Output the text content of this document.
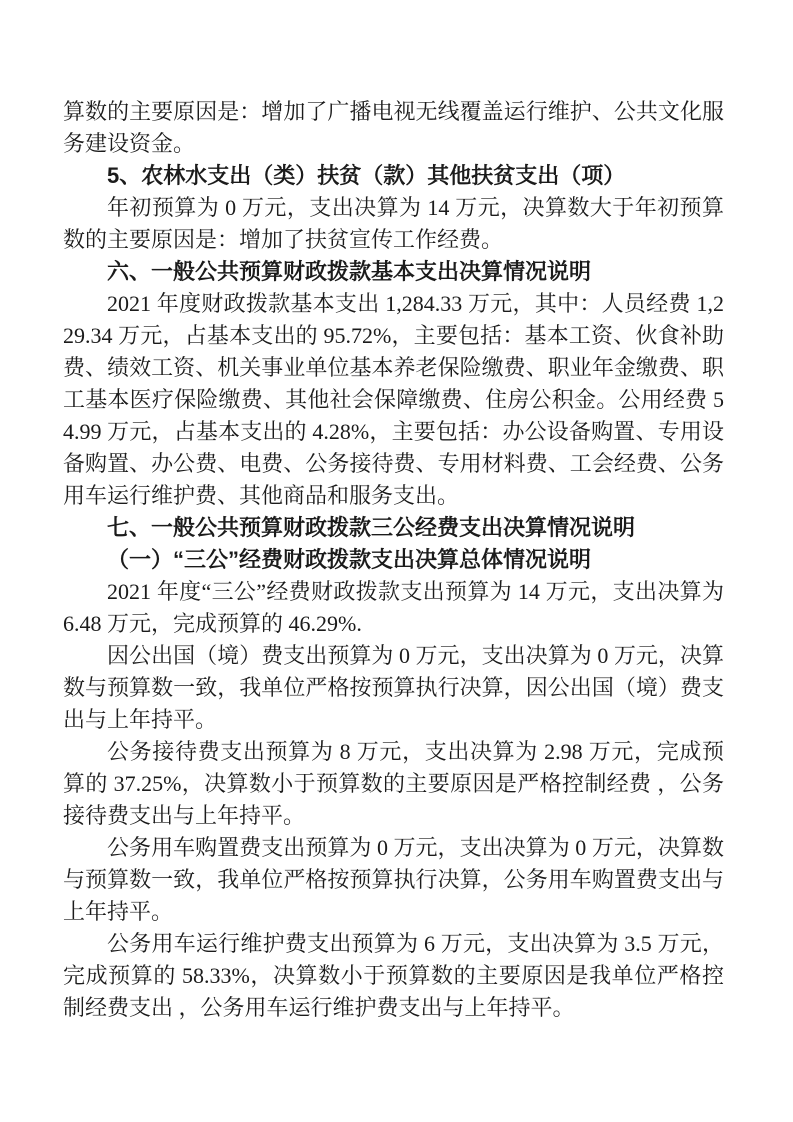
算数的主要原因是：增加了广播电视无线覆盖运行维护、公共文化服务建设资金。

5、农林水支出（类）扶贫（款）其他扶贫支出（项）

年初预算为 0 万元，支出决算为 14 万元，决算数大于年初预算数的主要原因是：增加了扶贫宣传工作经费。

六、一般公共预算财政拨款基本支出决算情况说明

2021 年度财政拨款基本支出 1,284.33 万元，其中：人员经费 1,229.34 万元，占基本支出的 95.72%，主要包括：基本工资、伙食补助费、绩效工资、机关事业单位基本养老保险缴费、职业年金缴费、职工基本医疗保险缴费、其他社会保障缴费、住房公积金。公用经费 54.99 万元，占基本支出的 4.28%，主要包括：办公设备购置、专用设备购置、办公费、电费、公务接待费、专用材料费、工会经费、公务用车运行维护费、其他商品和服务支出。

七、一般公共预算财政拨款三公经费支出决算情况说明

（一）“三公”经费财政拨款支出决算总体情况说明

2021 年度“三公”经费财政拨款支出预算为 14 万元，支出决算为 6.48 万元，完成预算的 46.29%.

因公出国（境）费支出预算为 0 万元，支出决算为 0 万元，决算数与预算数一致，我单位严格按预算执行决算，因公出国（境）费支出与上年持平。

公务接待费支出预算为 8 万元，支出决算为 2.98 万元，完成预算的 37.25%，决算数小于预算数的主要原因是严格控制经费 ，公务接待费支出与上年持平。

公务用车购置费支出预算为 0 万元，支出决算为 0 万元，决算数与预算数一致，我单位严格按预算执行决算，公务用车购置费支出与上年持平。

公务用车运行维护费支出预算为 6 万元，支出决算为 3.5 万元，完成预算的 58.33%，决算数小于预算数的主要原因是我单位严格控制经费支出 ，公务用车运行维护费支出与上年持平。
